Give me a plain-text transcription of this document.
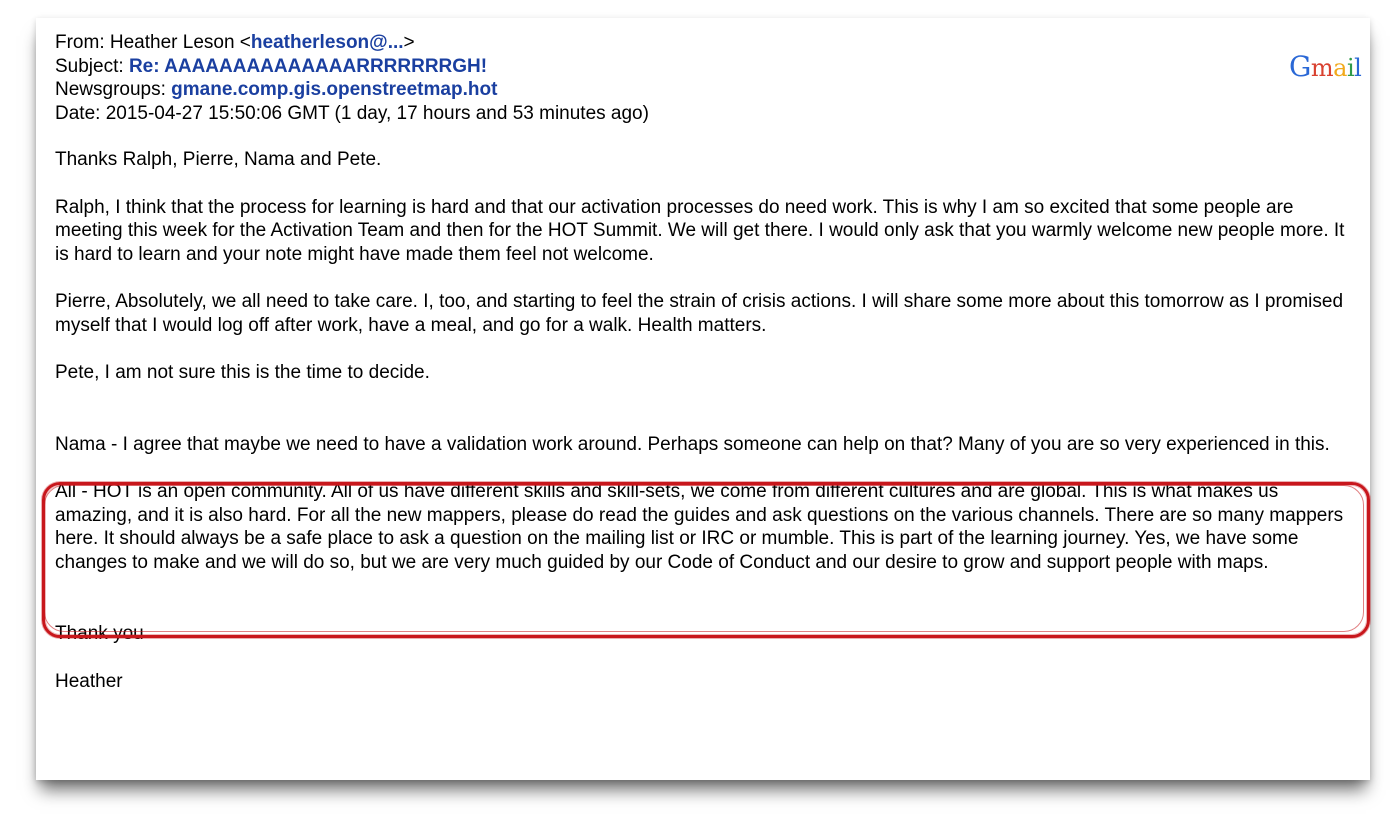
From: Heather Leson <heatherleson@...>
Subject: Re: AAAAAAAAAAAAAARRRRRRRGH!
Newsgroups: gmane.comp.gis.openstreetmap.hot
Date: 2015-04-27 15:50:06 GMT (1 day, 17 hours and 53 minutes ago)

Thanks Ralph, Pierre, Nama and Pete.

Ralph, I think that the process for learning is hard and that our activation processes do need work. This is why I am so excited that some people are meeting this week for the Activation Team and then for the HOT Summit. We will get there. I would only ask that you warmly welcome new people more. It is hard to learn and your note might have made them feel not welcome.

Pierre, Absolutely, we all need to take care. I, too, and starting to feel the strain of crisis actions. I will share some more about this tomorrow as I promised myself that I would log off after work, have a meal, and go for a walk. Health matters.

Pete, I am not sure this is the time to decide.

Nama - I agree that maybe we need to have a validation work around. Perhaps someone can help on that? Many of you are so very experienced in this.

All - HOT is an open community. All of us have different skills and skill-sets, we come from different cultures and are global. This is what makes us amazing, and it is also hard. For all the new mappers, please do read the guides and ask questions on the various channels. There are so many mappers here. It should always be a safe place to ask a question on the mailing list or IRC or mumble. This is part of the learning journey. Yes, we have some changes to make and we will do so, but we are very much guided by our Code of Conduct and our desire to grow and support people with maps.

Thank you

Heather

Gmail
